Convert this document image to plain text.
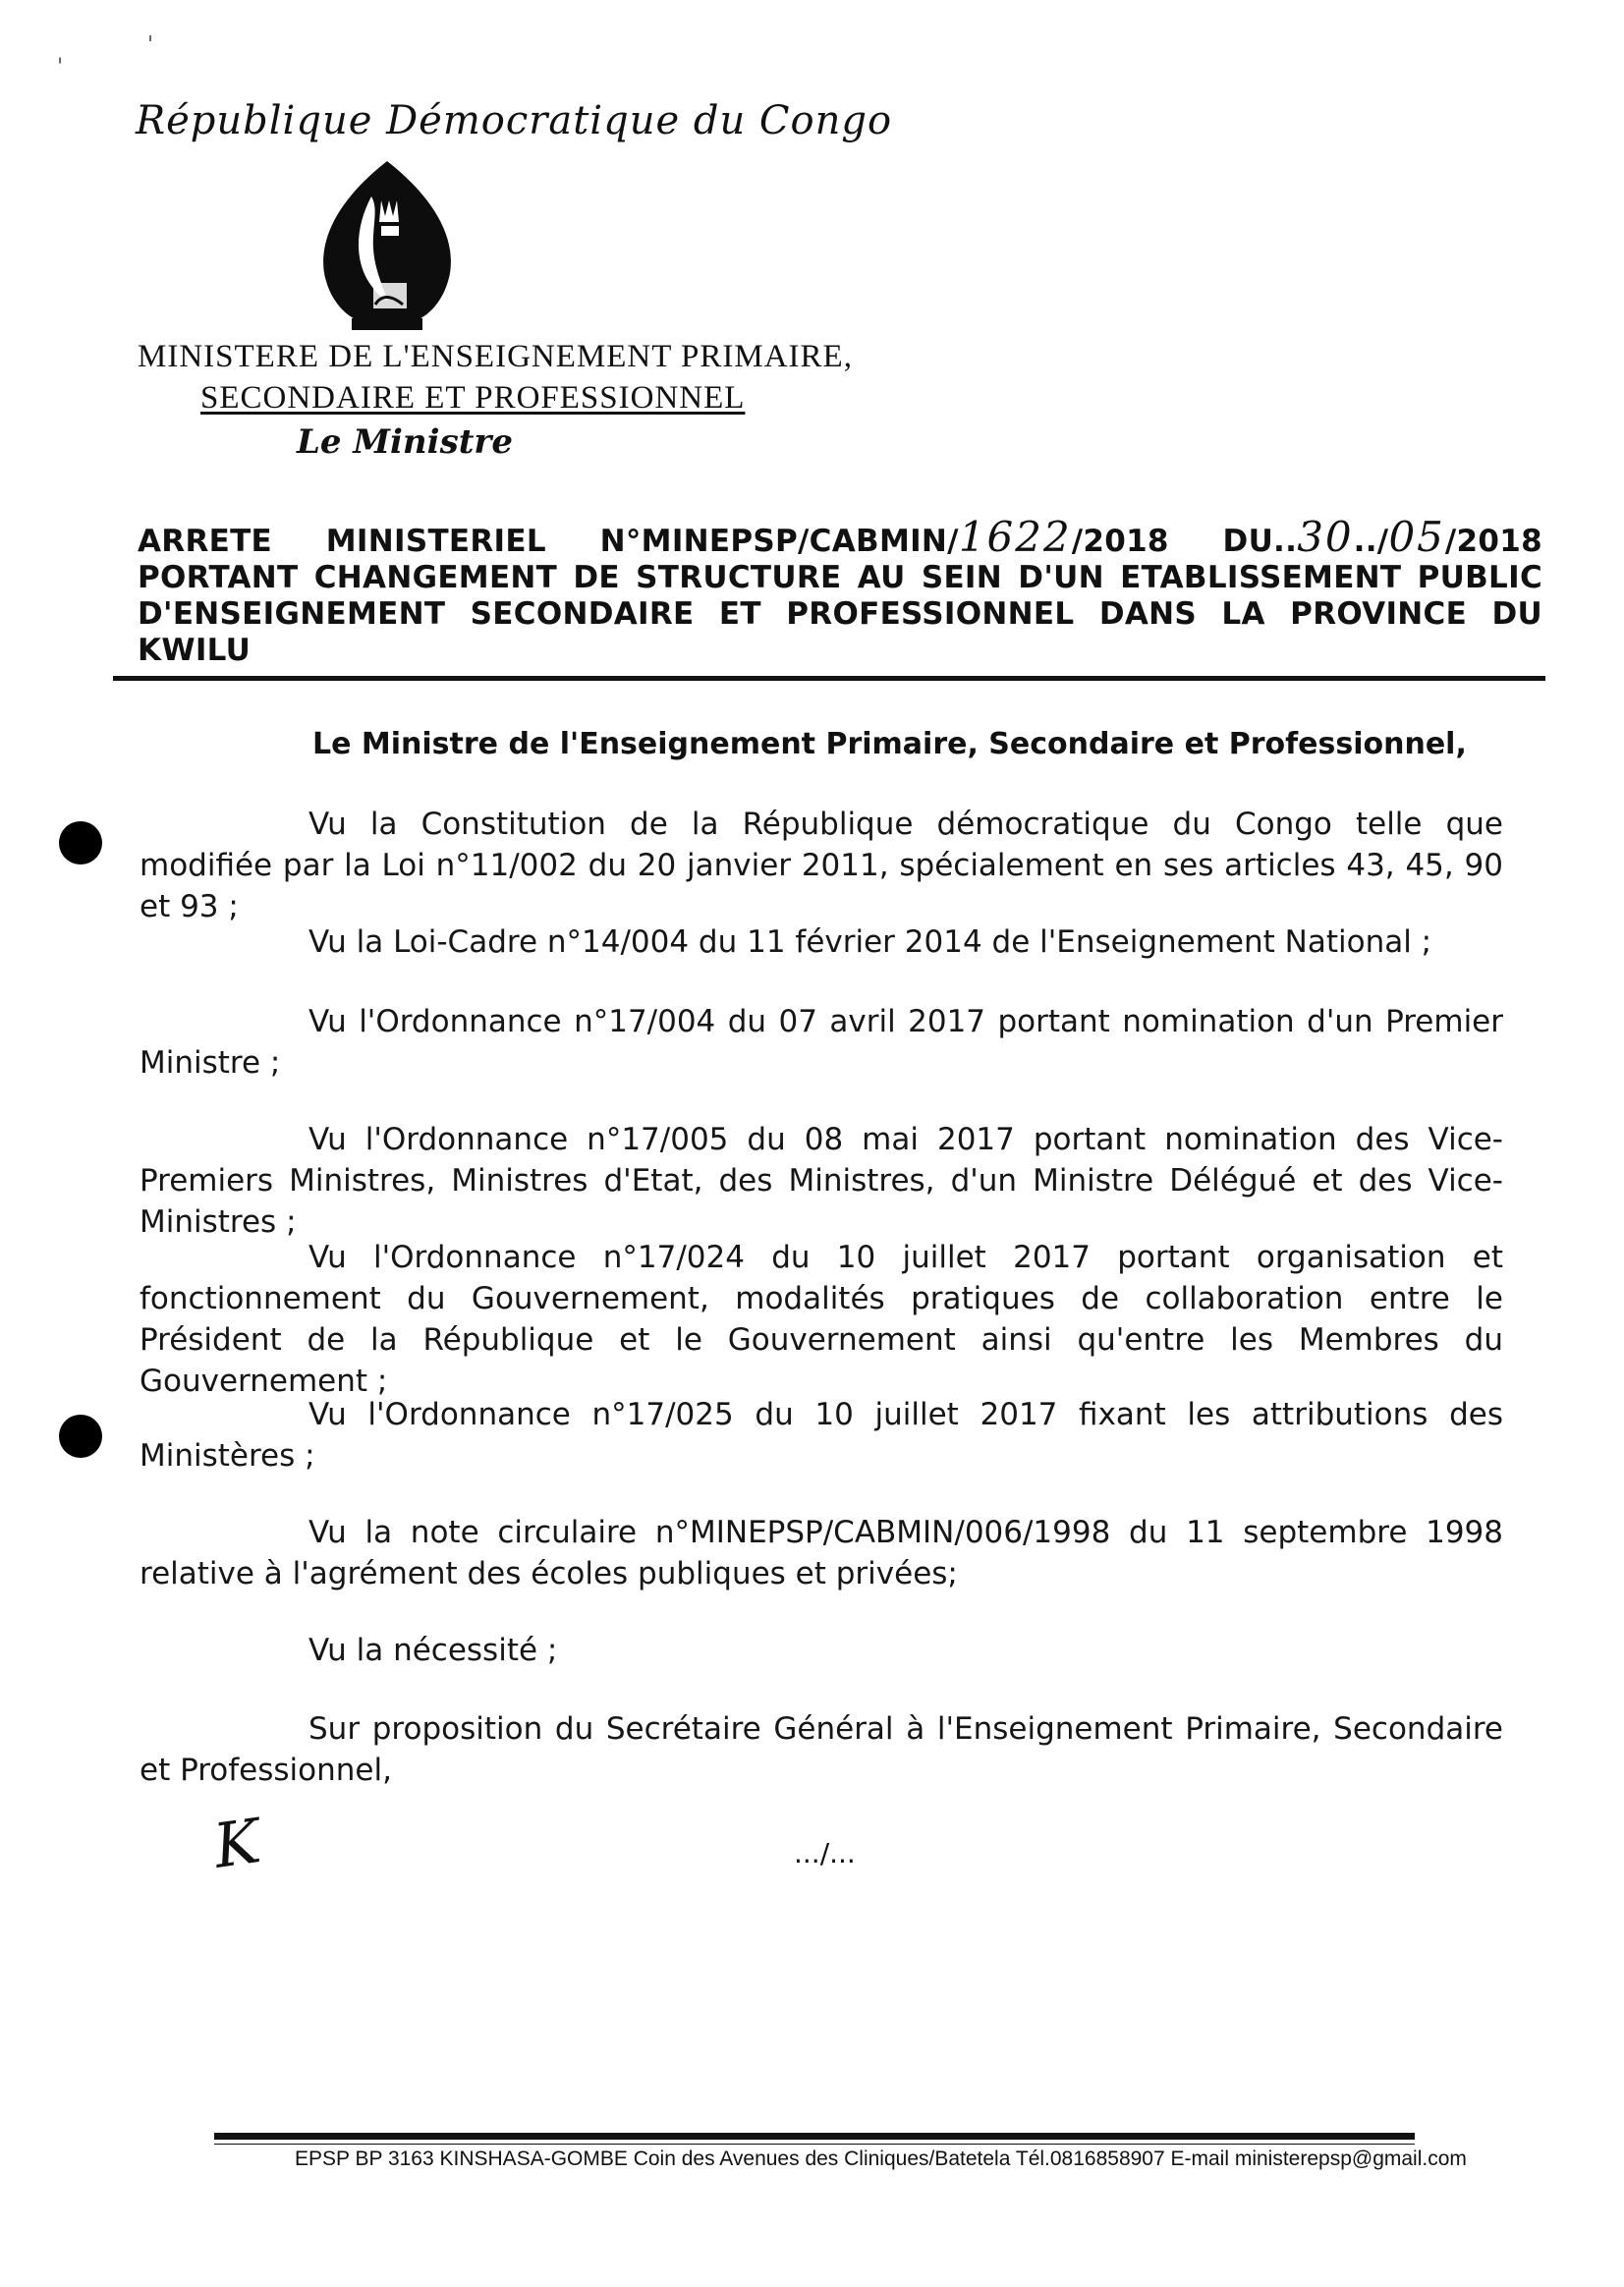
ˌ	ˈ
République Démocratique du Congo
MINISTERE DE L'ENSEIGNEMENT PRIMAIRE,
SECONDAIRE ET PROFESSIONNEL
Le Ministre
ARRETE MINISTERIEL N°MINEPSP/CABMIN/1622/2018 DU..30../05/2018 PORTANT CHANGEMENT DE STRUCTURE AU SEIN D'UN ETABLISSEMENT PUBLIC D'ENSEIGNEMENT SECONDAIRE ET PROFESSIONNEL DANS LA PROVINCE DU KWILU
Le Ministre de l'Enseignement Primaire, Secondaire et Professionnel,

Vu la Constitution de la République démocratique du Congo telle que modifiée par la Loi n°11/002 du 20 janvier 2011, spécialement en ses articles 43, 45, 90 et 93 ;

Vu la Loi-Cadre n°14/004 du 11 février 2014 de l'Enseignement National ;

Vu l'Ordonnance n°17/004 du 07 avril 2017 portant nomination d'un Premier Ministre ;

Vu l'Ordonnance n°17/005 du 08 mai 2017 portant nomination des Vice-Premiers Ministres, Ministres d'Etat, des Ministres, d'un Ministre Délégué et des Vice-Ministres ;

Vu l'Ordonnance n°17/024 du 10 juillet 2017 portant organisation et fonctionnement du Gouvernement, modalités pratiques de collaboration entre le Président de la République et le Gouvernement ainsi qu'entre les Membres du Gouvernement ;

Vu l'Ordonnance n°17/025 du 10 juillet 2017 fixant les attributions des Ministères ;

Vu la note circulaire n°MINEPSP/CABMIN/006/1998 du 11 septembre 1998 relative à l'agrément des écoles publiques et privées;

Vu la nécessité ;

Sur proposition du Secrétaire Général à l'Enseignement Primaire, Secondaire et Professionnel,

K	.../...
EPSP BP 3163 KINSHASA-GOMBE Coin des Avenues des Cliniques/Batetela Tél.0816858907 E-mail ministerepsp@gmail.com
